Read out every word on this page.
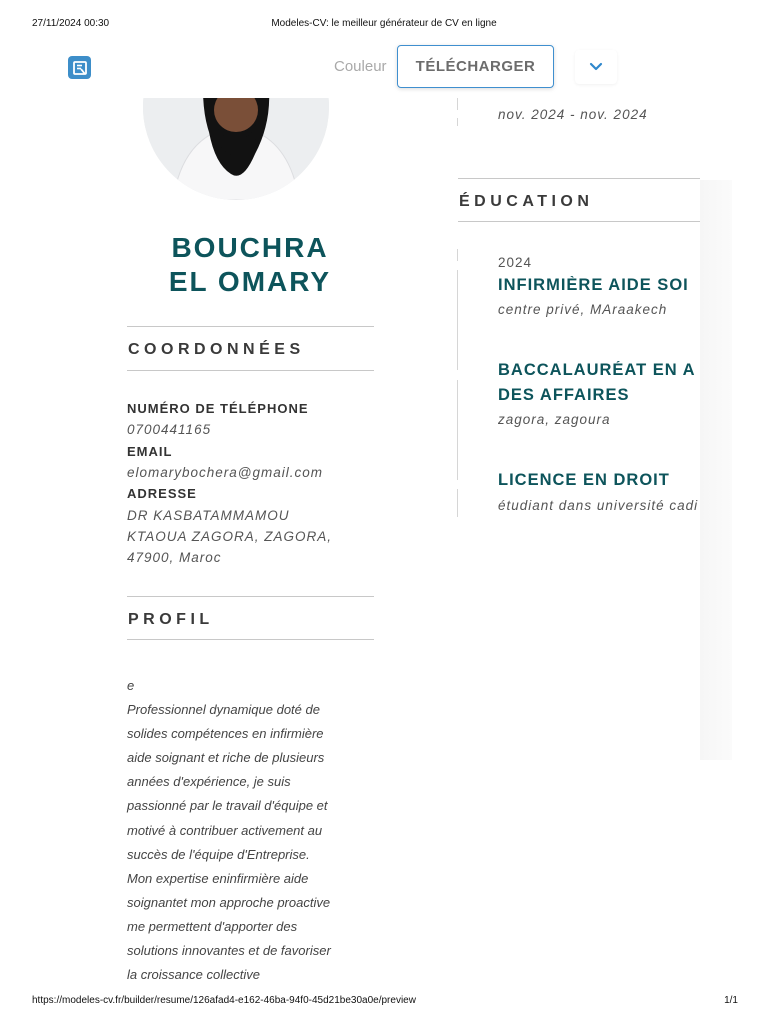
27/11/2024 00:30	Modeles-CV: le meilleur générateur de CV en ligne
Couleur	TÉLÉCHARGER
BOUCHRA
EL OMARY
COORDONNÉES
NUMÉRO DE TÉLÉPHONE
0700441165
EMAIL
elomarybochera@gmail.com
ADRESSE
DR KASBATAMMAMOU
KTAOUA ZAGORA, ZAGORA,
47900, Maroc
PROFIL
e
Professionnel dynamique doté de
solides compétences en infirmière
aide soignant et riche de plusieurs
années d'expérience, je suis
passionné par le travail d'équipe et
motivé à contribuer activement au
succès de l'équipe d'Entreprise.
Mon expertise eninfirmière aide
soignantet mon approche proactive
me permettent d'apporter des
solutions innovantes et de favoriser
la croissance collective
nov. 2024 - nov. 2024
ÉDUCATION
2024
INFIRMIÈRE AIDE SOI
centre privé, MAraakech
BACCALAURÉAT EN A
DES AFFAIRES
zagora, zagoura
LICENCE EN DROIT
étudiant dans université cadi
https://modeles-cv.fr/builder/resume/126afad4-e162-46ba-94f0-45d21be30a0e/preview	1/1
